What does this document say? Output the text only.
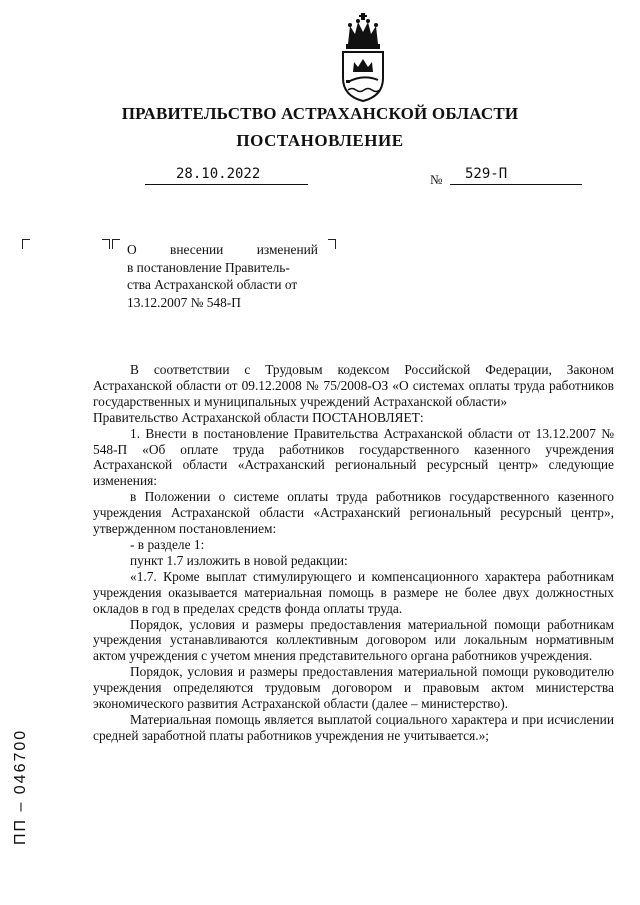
ПРАВИТЕЛЬСТВО АСТРАХАНСКОЙ ОБЛАСТИ
ПОСТАНОВЛЕНИЕ
28.10.2022	№ 529-П
О внесении изменений
в постановление Правитель-
ства Астраханской области от
13.12.2007 № 548-П

В соответствии с Трудовым кодексом Российской Федерации, Законом Астраханской области от 09.12.2008 № 75/2008-ОЗ «О системах оплаты труда работников государственных и муниципальных учреждений Астраханской области»

Правительство Астраханской области ПОСТАНОВЛЯЕТ:

1. Внести в постановление Правительства Астраханской области от 13.12.2007 № 548-П «Об оплате труда работников государственного казенного учреждения Астраханской области «Астраханский региональный ресурсный центр» следующие изменения:

в Положении о системе оплаты труда работников государственного казенного учреждения Астраханской области «Астраханский региональный ресурсный центр», утвержденном постановлением:

- в разделе 1:

пункт 1.7 изложить в новой редакции:

«1.7. Кроме выплат стимулирующего и компенсационного характера работникам учреждения оказывается материальная помощь в размере не более двух должностных окладов в год в пределах средств фонда оплаты труда.

Порядок, условия и размеры предоставления материальной помощи работникам учреждения устанавливаются коллективным договором или локальным нормативным актом учреждения с учетом мнения представительного органа работников учреждения.

Порядок, условия и размеры предоставления материальной помощи руководителю учреждения определяются трудовым договором и правовым актом министерства экономического развития Астраханской области (далее – министерство).

Материальная помощь является выплатой социального характера и при исчислении средней заработной платы работников учреждения не учитывается.»;

ПП – 046700
